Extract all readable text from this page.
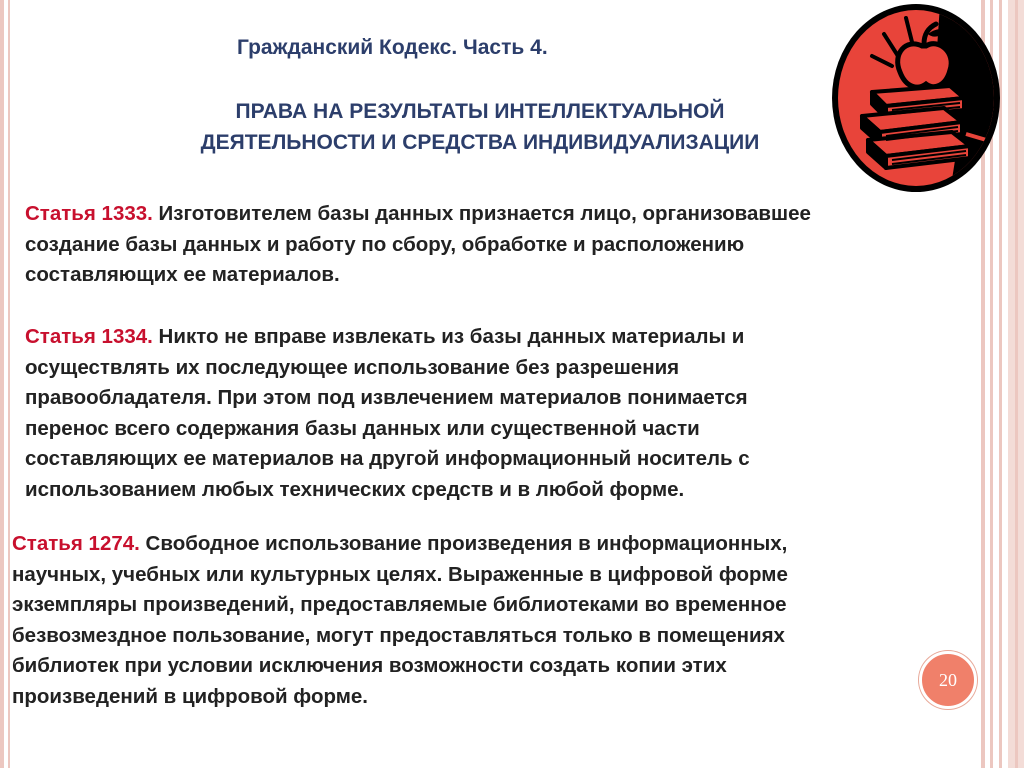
Гражданский Кодекс. Часть 4.
ПРАВА НА РЕЗУЛЬТАТЫ ИНТЕЛЛЕКТУАЛЬНОЙ
ДЕЯТЕЛЬНОСТИ И СРЕДСТВА ИНДИВИДУАЛИЗАЦИИ
Статья 1333. Изготовителем базы данных признается лицо, организовавшее
создание базы данных и работу по сбору, обработке и расположению
составляющих ее материалов.
Статья 1334. Никто не вправе извлекать из базы данных материалы и
осуществлять их последующее использование без разрешения
правообладателя. При этом под извлечением материалов понимается
перенос всего содержания базы данных или существенной части
составляющих ее материалов на другой информационный носитель с
использованием любых технических средств и в любой форме.
Статья 1274. Свободное использование произведения в информационных,
научных, учебных или культурных целях. Выраженные в цифровой форме
экземпляры произведений, предоставляемые библиотеками во временное
безвозмездное пользование, могут предоставляться только в помещениях
библиотек при условии исключения возможности создать копии этих
произведений в цифровой форме.
20
